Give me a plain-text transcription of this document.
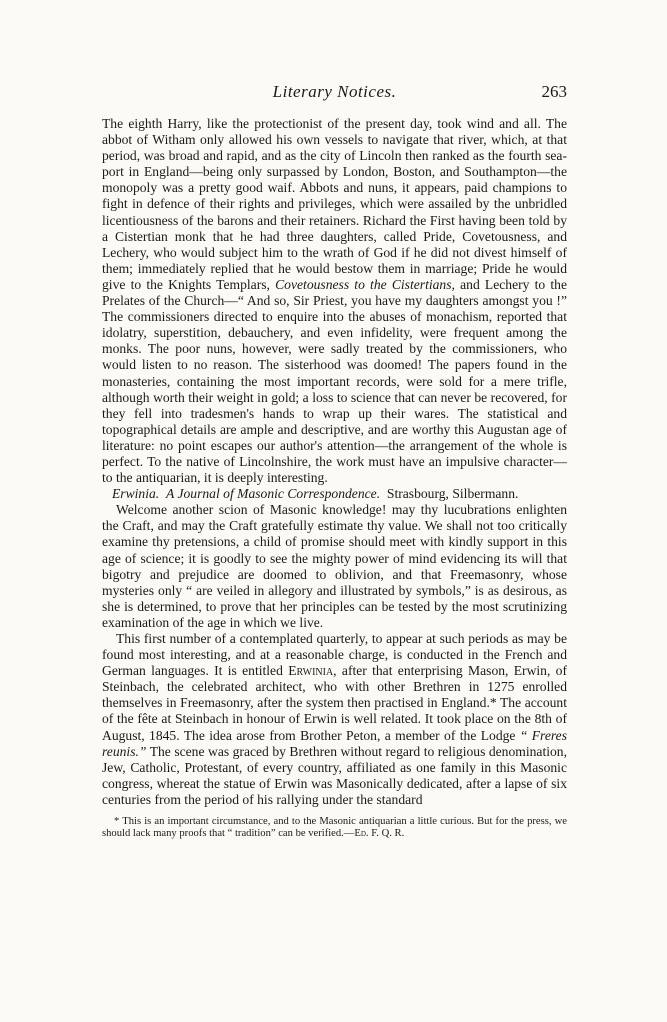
Literary Notices.	263

The eighth Harry, like the protectionist of the present day, took wind and all. The abbot of Witham only allowed his own vessels to navigate that river, which, at that period, was broad and rapid, and as the city of Lincoln then ranked as the fourth sea-port in England—being only surpassed by London, Boston, and Southampton—the monopoly was a pretty good waif. Abbots and nuns, it appears, paid champions to fight in defence of their rights and privileges, which were assailed by the unbridled licentiousness of the barons and their retainers. Richard the First having been told by a Cistertian monk that he had three daughters, called Pride, Covetousness, and Lechery, who would subject him to the wrath of God if he did not divest himself of them; immediately replied that he would bestow them in marriage; Pride he would give to the Knights Templars, Covetousness to the Cistertians, and Lechery to the Prelates of the Church—“ And so, Sir Priest, you have my daughters amongst you !” The commissioners directed to enquire into the abuses of monachism, reported that idolatry, superstition, debauchery, and even infidelity, were frequent among the monks. The poor nuns, however, were sadly treated by the commissioners, who would listen to no reason. The sisterhood was doomed! The papers found in the monasteries, containing the most important records, were sold for a mere trifle, although worth their weight in gold; a loss to science that can never be recovered, for they fell into tradesmen's hands to wrap up their wares. The statistical and topographical details are ample and descriptive, and are worthy this Augustan age of literature: no point escapes our author's attention—the arrangement of the whole is perfect. To the native of Lincolnshire, the work must have an impulsive character—to the antiquarian, it is deeply interesting.

Erwinia. A Journal of Masonic Correspondence. Strasbourg, Silbermann.

Welcome another scion of Masonic knowledge! may thy lucubrations enlighten the Craft, and may the Craft gratefully estimate thy value. We shall not too critically examine thy pretensions, a child of promise should meet with kindly support in this age of science; it is goodly to see the mighty power of mind evidencing its will that bigotry and prejudice are doomed to oblivion, and that Freemasonry, whose mysteries only “ are veiled in allegory and illustrated by symbols,” is as desirous, as she is determined, to prove that her principles can be tested by the most scrutinizing examination of the age in which we live.

This first number of a contemplated quarterly, to appear at such periods as may be found most interesting, and at a reasonable charge, is conducted in the French and German languages. It is entitled Erwinia, after that enterprising Mason, Erwin, of Steinbach, the celebrated architect, who with other Brethren in 1275 enrolled themselves in Freemasonry, after the system then practised in England.* The account of the fête at Steinbach in honour of Erwin is well related. It took place on the 8th of August, 1845. The idea arose from Brother Peton, a member of the Lodge “ Freres reunis.” The scene was graced by Brethren without regard to religious denomination, Jew, Catholic, Protestant, of every country, affiliated as one family in this Masonic congress, whereat the statue of Erwin was Masonically dedicated, after a lapse of six centuries from the period of his rallying under the standard

* This is an important circumstance, and to the Masonic antiquarian a little curious. But for the press, we should lack many proofs that “ tradition” can be verified.—Ed. F. Q. R.
